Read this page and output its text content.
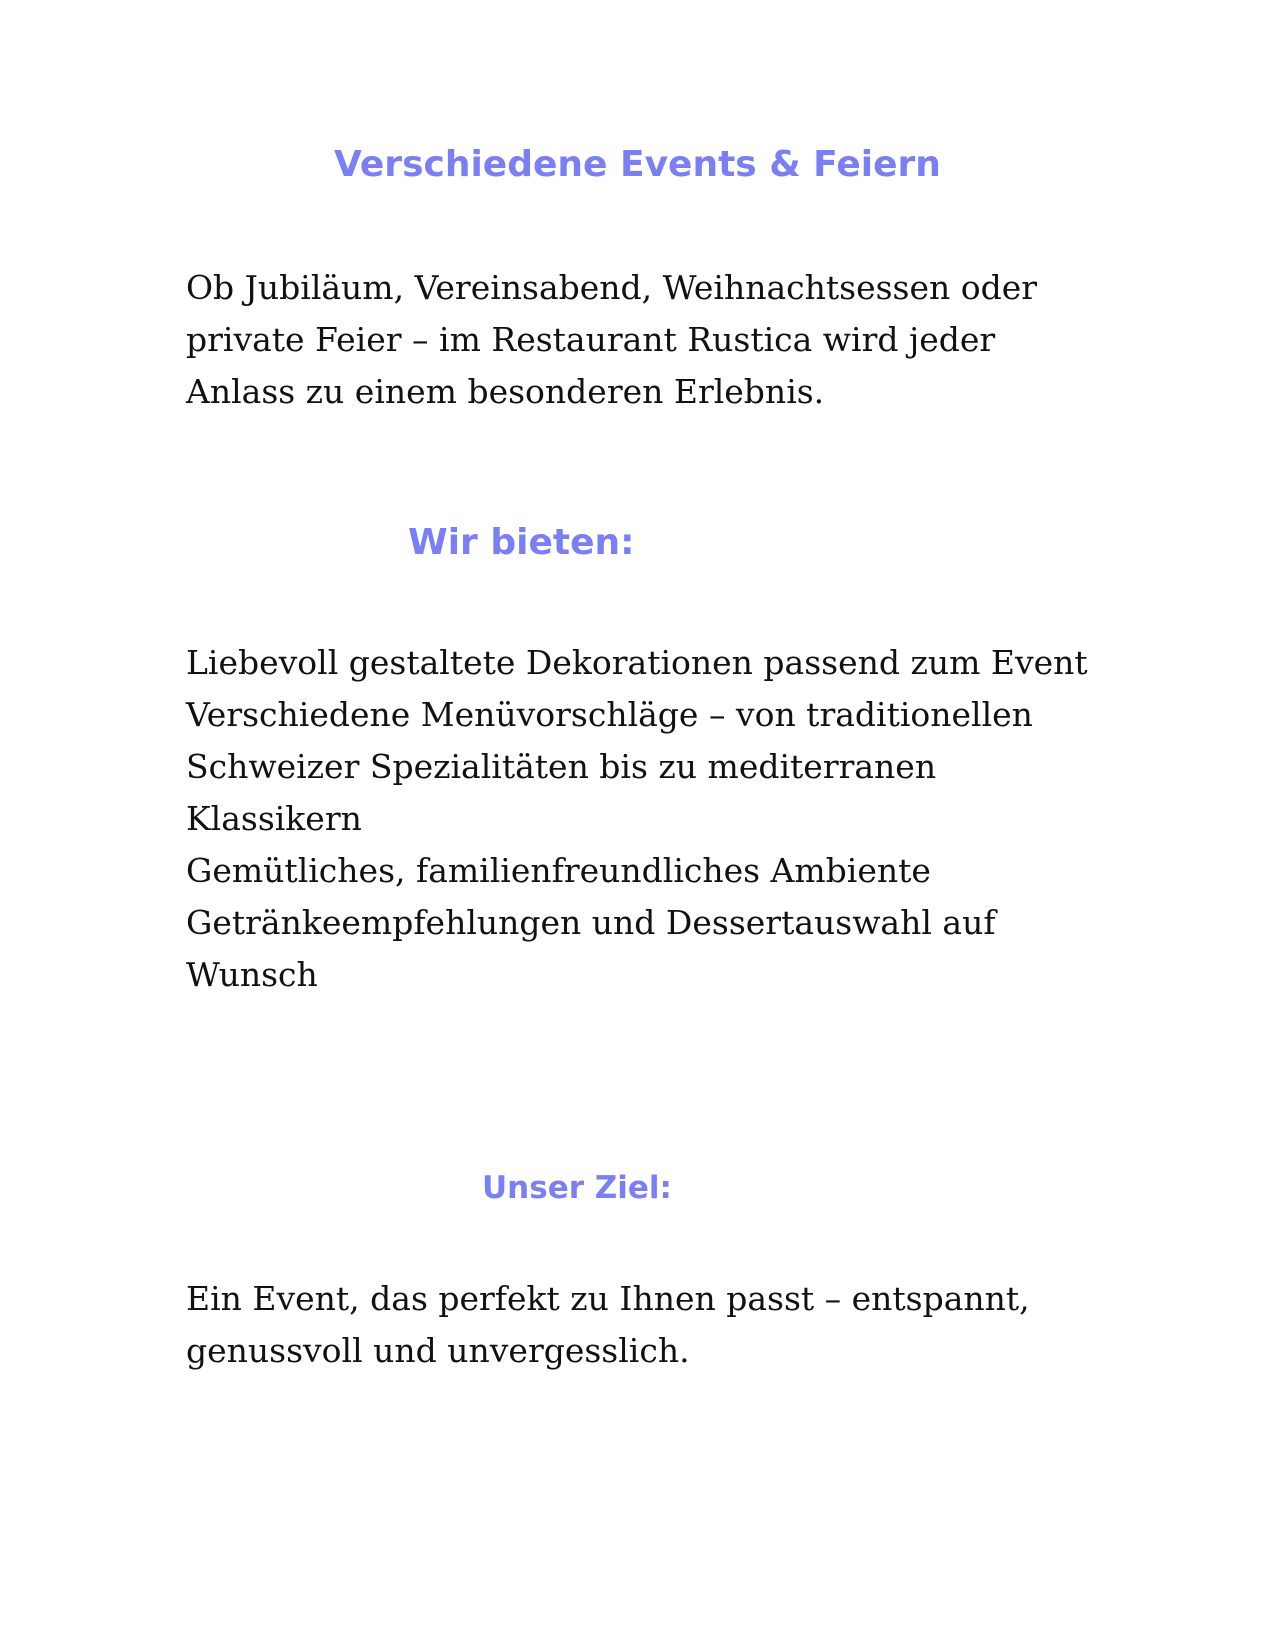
Verschiedene Events & Feiern

Ob Jubiläum, Vereinsabend, Weihnachtsessen oder
private Feier – im Restaurant Rustica wird jeder
Anlass zu einem besonderen Erlebnis.

Wir bieten:

Liebevoll gestaltete Dekorationen passend zum Event
Verschiedene Menüvorschläge – von traditionellen
Schweizer Spezialitäten bis zu mediterranen
Klassikern
Gemütliches, familienfreundliches Ambiente
Getränkeempfehlungen und Dessertauswahl auf
Wunsch

Unser Ziel:

Ein Event, das perfekt zu Ihnen passt – entspannt,
genussvoll und unvergesslich.
